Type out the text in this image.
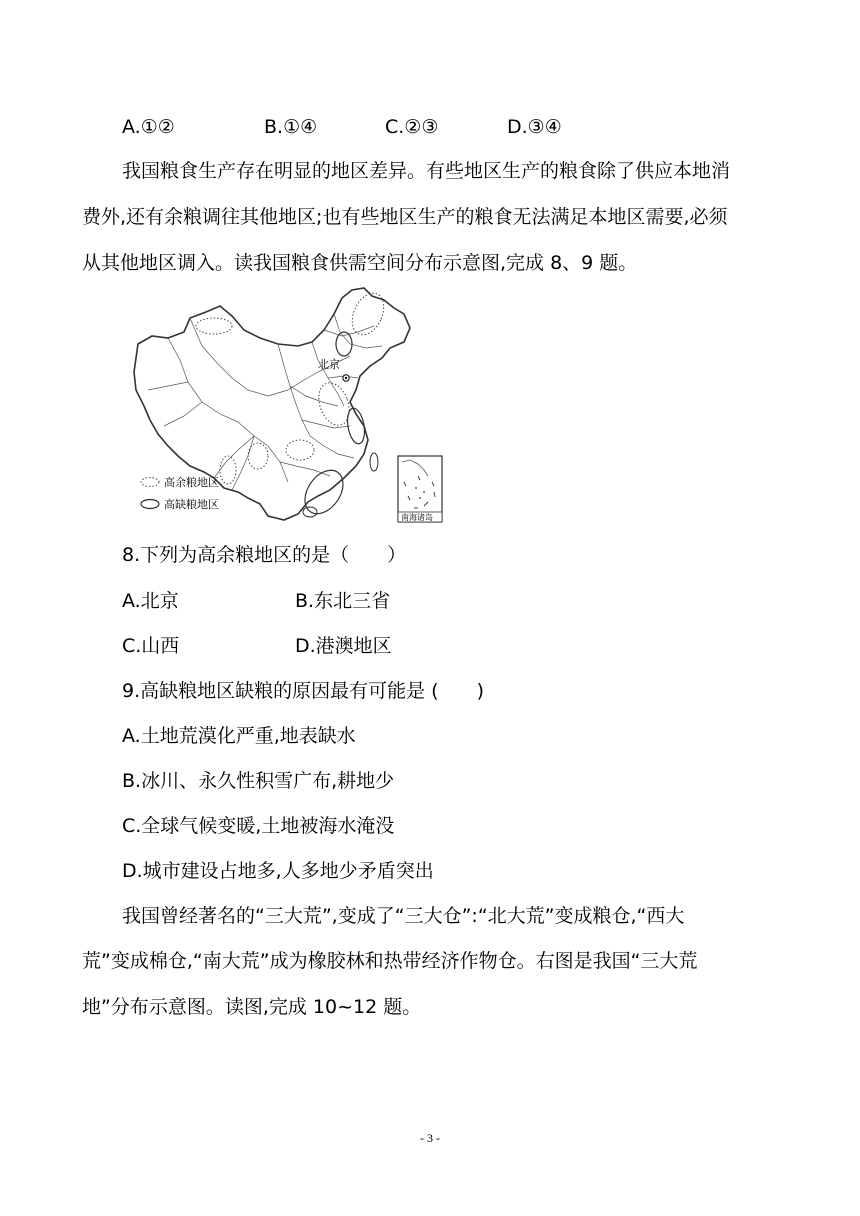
A.①②	B.①④	C.②③	D.③④
我国粮食生产存在明显的地区差异。有些地区生产的粮食除了供应本地消
费外,还有余粮调往其他地区;也有些地区生产的粮食无法满足本地区需要,必须
从其他地区调入。读我国粮食供需空间分布示意图,完成 8、9 题。
北京
高余粮地区
高缺粮地区
南海诸岛
8.下列为高余粮地区的是（　　）
A.北京	B.东北三省
C.山西	D.港澳地区
9.高缺粮地区缺粮的原因最有可能是 (　　)
A.土地荒漠化严重,地表缺水
B.冰川、永久性积雪广布,耕地少
C.全球气候变暖,土地被海水淹没
D.城市建设占地多,人多地少矛盾突出
我国曾经著名的“三大荒”,变成了“三大仓”:“北大荒”变成粮仓,“西大
荒”变成棉仓,“南大荒”成为橡胶林和热带经济作物仓。右图是我国“三大荒
地”分布示意图。读图,完成 10~12 题。
- 3 -
